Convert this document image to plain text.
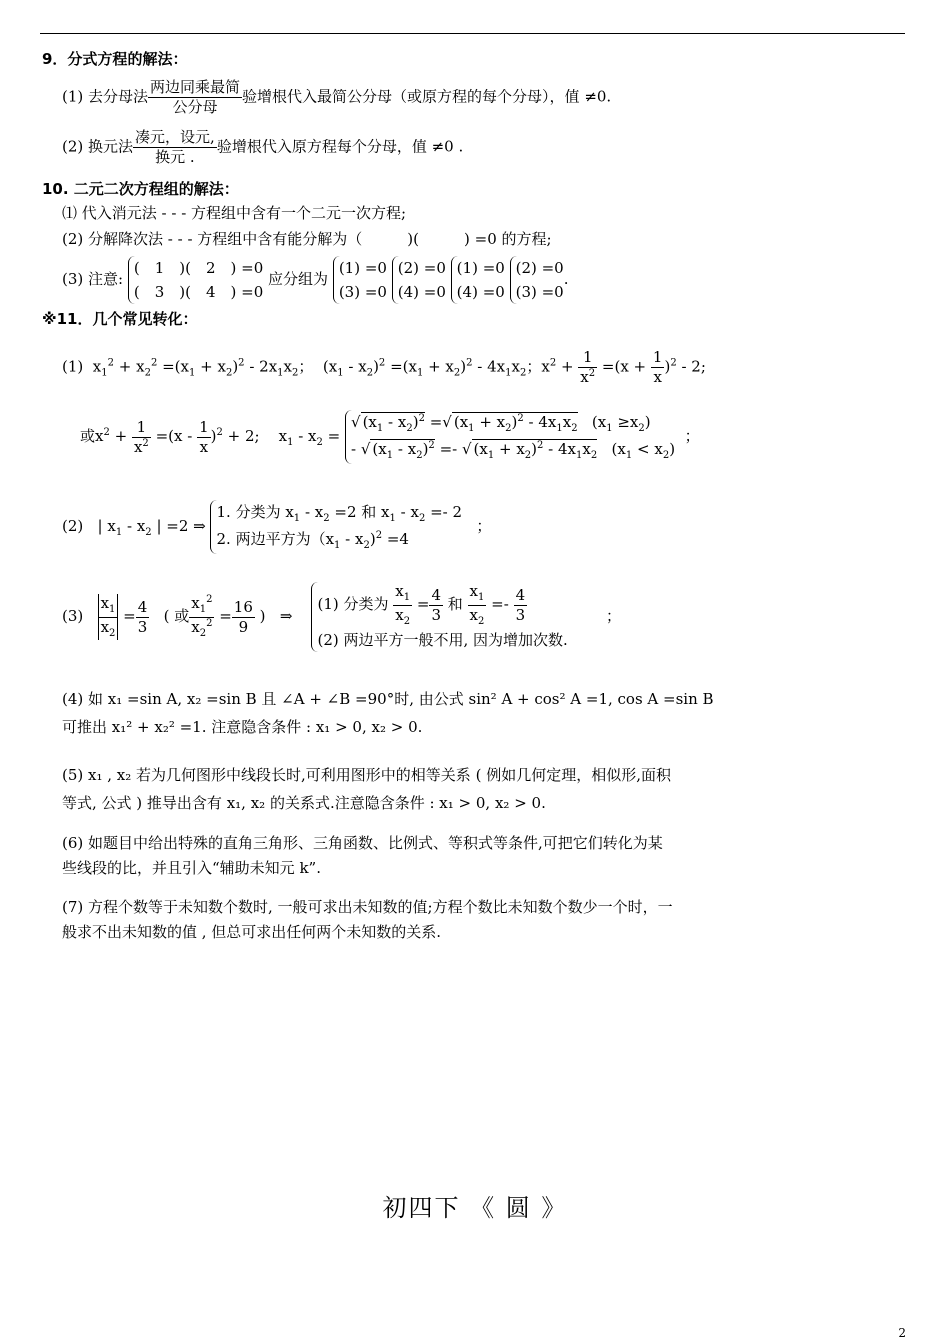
9．分式方程的解法：
(1) 去分母法 $\frac{\text{两边同乘最简}}{\text{公分母}}$ 验增根代入最简公分母（或原方程的每个分母），值 ≠0.
(2) 换元法 $\frac{\text{凑元，设元,}}{\text{换元 .}}$ 验增根代入原方程每个分母，值 ≠0 .
10. 二元二次方程组的解法：
⑴ 代入消元法 - - - 方程组中含有一个二元一次方程;
(2) 分解降次法 - - - 方程组中含有能分解为（　　　)(　　　) =0 的方程;
(3) 注意:
(　1　)(　2　) =0
(　3　)(　4　) =0
应分组为
(1) =0
(3) =0

(2) =0
(4) =0

(1) =0
(4) =0

(2) =0
(3) =0
.
※11．几个常见转化：
(1)  $x_1^2 + x_2^2 =(x_1 + x_2)^2 - 2x_1x_2$；  $(x_1 - x_2)^2 =(x_1 + x_2)^2 - 4x_1x_2$；$x^2 + \frac{1}{x^2} =(x + \frac{1}{x} )^2 - 2$;
或$x^2 + \frac{1}{x^2} =(x - \frac{1}{x} )^2 + 2$;    $x_1 - x_2$ =
√ $(x_1 - x_2)^2$ =√ $(x_1 + x_2)^2 - 4x_1x_2$   $(x_1 \ge x_2)$
- √ $(x_1 - x_2)^2$ =- √ $(x_1 + x_2)^2 - 4x_1x_2$   $(x_1 < x_2)$
；
(2)   | $x_1 - x_2$ | =2 ⇒
1. 分类为 $x_1 - x_2 =2$ 和 $x_1 - x_2 =- 2$
2. 两边平方为$(x_1 - x_2)^2 =4$
；
$(3) \frac{x_1}{x_2} = \frac{4}{3}$ ( 或 $\frac{x_1^2}{x_2^2} = \frac{16}{9}$ )   ⇒
(1) 分类为 $\frac{x_1}{x_2} = \frac{4}{3}$ 和 $\frac{x_1}{x_2} =- \frac{4}{3}$
(2) 两边平方一般不用, 因为增加次数.
；
(4) 如 x₁ =sin A, x₂ =sin B 且 ∠A + ∠B =90°时, 由公式 sin² A + cos² A =1, cos A =sin B
可推出 x₁² + x₂² =1. 注意隐含条件 : x₁ > 0, x₂ > 0.
(5) x₁ , x₂ 若为几何图形中线段长时,可利用图形中的相等关系 ( 例如几何定理，相似形,面积
等式, 公式 ) 推导出含有 x₁, x₂ 的关系式.注意隐含条件 : x₁ > 0, x₂ > 0.
(6) 如题目中给出特殊的直角三角形、三角函数、比例式、等积式等条件,可把它们转化为某
些线段的比，并且引入“辅助未知元 k”.
(7) 方程个数等于未知数个数时, 一般可求出未知数的值;方程个数比未知数个数少一个时，一
般求不出未知数的值 , 但总可求出任何两个未知数的关系.
初四下 《 圆 》
2
